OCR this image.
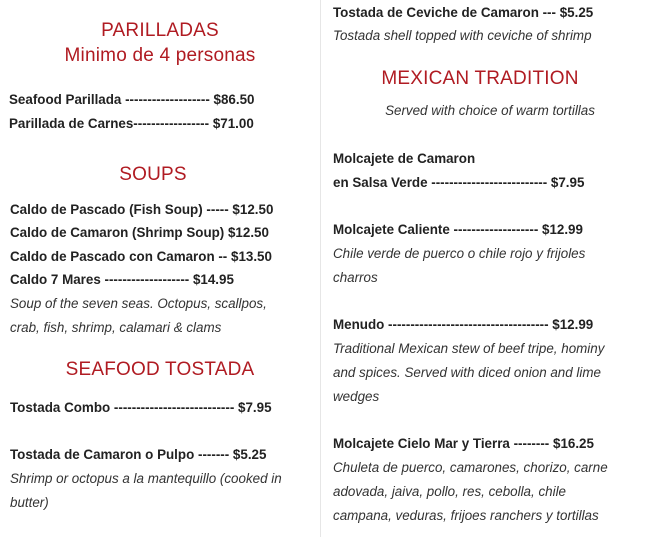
PARILLADAS
Minimo de 4 personas
Seafood Parillada ------------------- $86.50
Parillada de Carnes----------------- $71.00
SOUPS
Caldo de Pascado (Fish Soup) ----- $12.50
Caldo de Camaron (Shrimp Soup) $12.50
Caldo de Pascado con Camaron -- $13.50
Caldo 7 Mares ------------------- $14.95
Soup of the seven seas. Octopus, scallpos,
crab, fish, shrimp, calamari & clams
SEAFOOD TOSTADA
Tostada Combo --------------------------- $7.95
Tostada de Camaron o Pulpo ------- $5.25
Shrimp or octopus a la mantequillo (cooked in
butter)
Tostada de Ceviche de Camaron --- $5.25
Tostada shell topped with ceviche of shrimp
MEXICAN TRADITION
Served with choice of warm tortillas
Molcajete de Camaron
en Salsa Verde -------------------------- $7.95
Molcajete Caliente ------------------- $12.99
Chile verde de puerco o chile rojo y frijoles
charros
Menudo ------------------------------------ $12.99
Traditional Mexican stew of beef tripe, hominy
and spices. Served with diced onion and lime
wedges
Molcajete Cielo Mar y Tierra -------- $16.25
Chuleta de puerco, camarones, chorizo, carne
adovada, jaiva, pollo, res, cebolla, chile
campana, veduras, frijoes ranchers y tortillas
